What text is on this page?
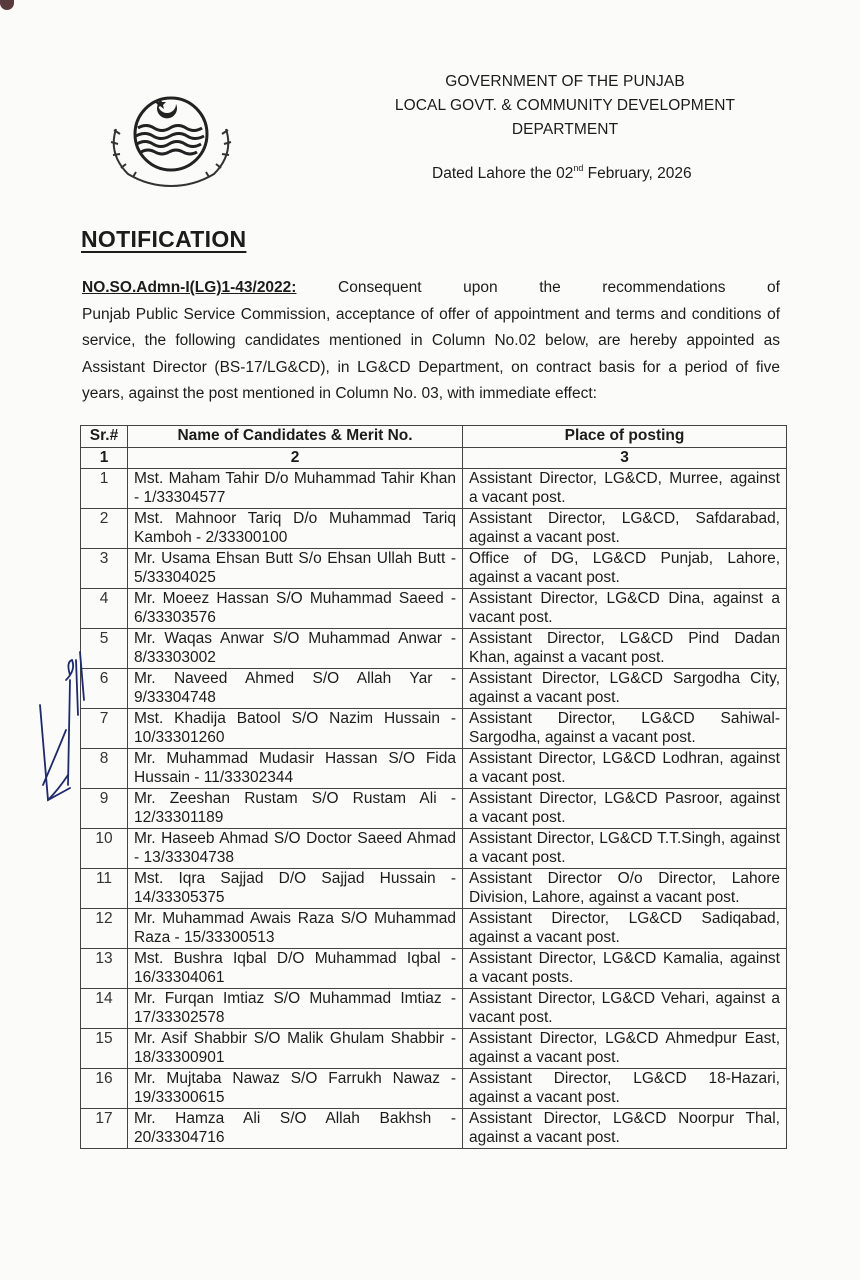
GOVERNMENT OF THE PUNJAB
LOCAL GOVT. & COMMUNITY DEVELOPMENT
DEPARTMENT
Dated Lahore the 02nd February, 2026
NOTIFICATION
NO.SO.Admn-I(LG)1-43/2022:	Consequent	upon	the	recommendations	of
Punjab Public Service Commission, acceptance of offer of appointment and terms and conditions of service, the following candidates mentioned in Column No.02 below, are hereby appointed as Assistant Director (BS-17/LG&CD), in LG&CD Department, on contract basis for a period of five years, against the post mentioned in Column No. 03, with immediate effect:
Sr.#	Name of Candidates & Merit No.	Place of posting
1	2	3
1	Mst. Maham Tahir D/o Muhammad Tahir Khan - 1/33304577	Assistant Director, LG&CD, Murree, against a vacant post.
2	Mst. Mahnoor Tariq D/o Muhammad Tariq Kamboh - 2/33300100	Assistant Director, LG&CD, Safdarabad, against a vacant post.
3	Mr. Usama Ehsan Butt S/o Ehsan Ullah Butt - 5/33304025	Office of DG, LG&CD Punjab, Lahore, against a vacant post.
4	Mr. Moeez Hassan S/O Muhammad Saeed - 6/33303576	Assistant Director, LG&CD Dina, against a vacant post.
5	Mr. Waqas Anwar S/O Muhammad Anwar - 8/33303002	Assistant Director, LG&CD Pind Dadan Khan, against a vacant post.
6	Mr. Naveed Ahmed S/O Allah Yar - 9/33304748	Assistant Director, LG&CD Sargodha City, against a vacant post.
7	Mst. Khadija Batool S/O Nazim Hussain - 10/33301260	Assistant Director, LG&CD Sahiwal-Sargodha, against a vacant post.
8	Mr. Muhammad Mudasir Hassan S/O Fida Hussain - 11/33302344	Assistant Director, LG&CD Lodhran, against a vacant post.
9	Mr. Zeeshan Rustam S/O Rustam Ali - 12/33301189	Assistant Director, LG&CD Pasroor, against a vacant post.
10	Mr. Haseeb Ahmad S/O Doctor Saeed Ahmad - 13/33304738	Assistant Director, LG&CD T.T.Singh, against a vacant post.
11	Mst. Iqra Sajjad D/O Sajjad Hussain - 14/33305375	Assistant Director O/o Director, Lahore Division, Lahore, against a vacant post.
12	Mr. Muhammad Awais Raza S/O Muhammad Raza - 15/33300513	Assistant Director, LG&CD Sadiqabad, against a vacant post.
13	Mst. Bushra Iqbal D/O Muhammad Iqbal - 16/33304061	Assistant Director, LG&CD Kamalia, against a vacant posts.
14	Mr. Furqan Imtiaz S/O Muhammad Imtiaz - 17/33302578	Assistant Director, LG&CD Vehari, against a vacant post.
15	Mr. Asif Shabbir S/O Malik Ghulam Shabbir - 18/33300901	Assistant Director, LG&CD Ahmedpur East, against a vacant post.
16	Mr. Mujtaba Nawaz S/O Farrukh Nawaz - 19/33300615	Assistant Director, LG&CD 18-Hazari, against a vacant post.
17	Mr. Hamza Ali S/O Allah Bakhsh - 20/33304716	Assistant Director, LG&CD Noorpur Thal, against a vacant post.
